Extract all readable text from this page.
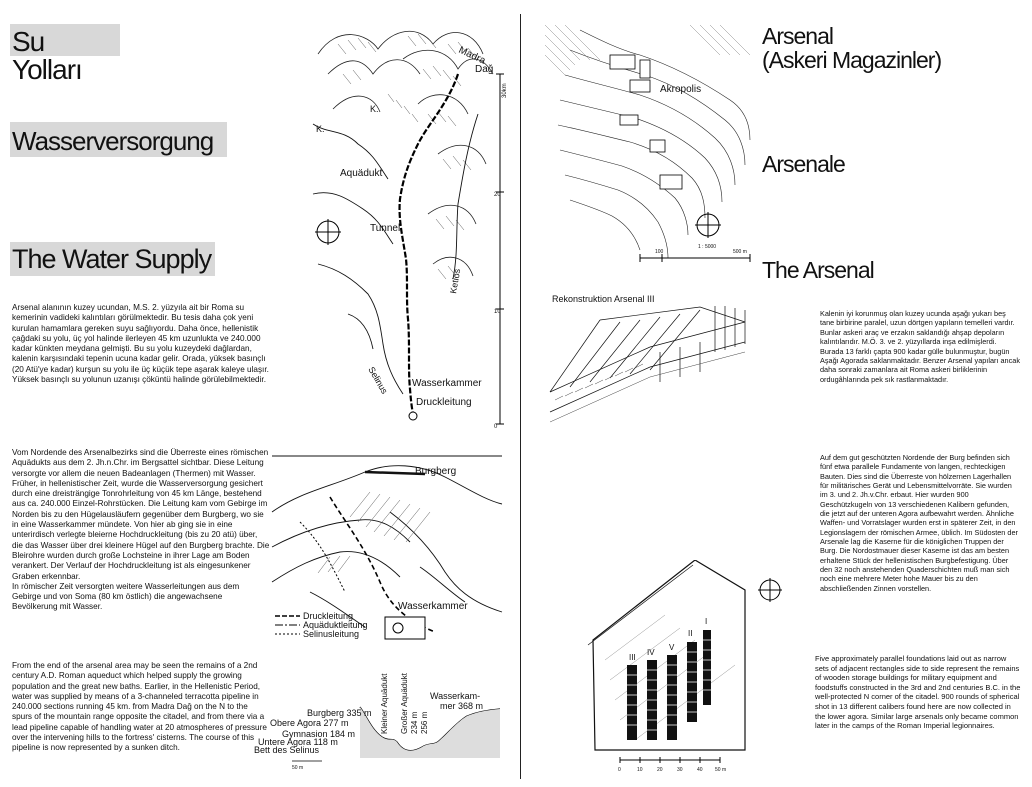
Su Yolları
Wasserversorgung
The Water Supply
Arsenal alanının kuzey ucundan, M.S. 2. yüzyıla ait bir Roma su kemerinin vadideki kalıntıları görülmektedir. Bu tesis daha çok yeni kurulan hamamlara gereken suyu sağlıyordu. Daha önce, hellenistik çağdaki su yolu, üç yol halinde ilerleyen 45 km uzunlukta ve 240.000 kadar künkten meydana gelmişti. Bu su yolu kuzeydeki dağlardan, kalenin karşısındaki tepenin ucuna kadar gelir. Orada, yüksek basınçlı (20 Atü'ye kadar) kurşun su yolu ile üç küçük tepe aşarak kaleye ulaşır. Yüksek basınçlı su yolunun uzanışı çöküntü halinde görülebilmektedir.

Vom Nordende des Arsenalbezirks sind die Überreste eines römischen Aquädukts aus dem 2. Jh.n.Chr. im Bergsattel sichtbar. Diese Leitung versorgte vor allem die neuen Badeanlagen (Thermen) mit Wasser. Früher, in hellenistischer Zeit, wurde die Wasserversorgung gesichert durch eine dreisträngige Tonrohrleitung von 45 km Länge, bestehend aus ca. 240.000 Einzel-Rohrstücken. Die Leitung kam vom Gebirge im Norden bis zu den Hügelausläufern gegenüber dem Burgberg, wo sie in eine Wasserkammer mündete. Von hier ab ging sie in eine unterirdisch verlegte bleierne Hochdruckleitung (bis zu 20 atü) über, die das Wasser über drei kleinere Hügel auf den Burgberg brachte. Die Bleirohre wurden durch große Lochsteine in ihrer Lage am Boden verankert. Der Verlauf der Hochdruckleitung ist als eingesunkener Graben erkennbar.

In römischer Zeit versorgten weitere Wasserleitungen aus dem Gebirge und von Soma (80 km östlich) die angewachsene Bevölkerung mit Wasser.

From the end of the arsenal area may be seen the remains of a 2nd century A.D. Roman aqueduct which helped supply the growing population and the great new baths. Earlier, in the Hellenistic Period, water was supplied by means of a 3-channeled terracotta pipeline in 240.000 sections running 45 km. from Madra Dağ on the N to the spurs of the mountain range opposite the citadel, and from there via a lead pipeline capable of handling water at 20 atmospheres of pressure over the intervening hills to the fortress' cisterns. The course of this pipeline is now represented by a sunken ditch.
30km
20
10
0
Madra
Dağ
K.
K.
Aquädukt
Tunnel
Ketios
Selinus Wasserkammer
Druckleitung
Burgberg
Wasserkammer
Druckleitung
Aquäduktleitung
Selinusleitung
Burgberg 335 m
Obere Agora 277 m
Gymnasion 184 m
Untere Agora 118 m
Bett des Selinus
Kleiner Aquädukt Großer Aquädukt 234 m 256 m
Wasserkam-
mer 368 m
50 m
Akropolis
1 : 5000
100	500 m
Arsenal
(Askeri Magazinler)
Arsenale
The Arsenal
Rekonstruktion Arsenal III
Kalenin iyi korunmuş olan kuzey ucunda aşağı yukarı beş tane birbirine paralel, uzun dörtgen yapıların temelleri vardır. Bunlar askeri araç ve erzakın saklandığı ahşap depoların kalıntılarıdır. M.Ö. 3. ve 2. yüzyıllarda inşa edilmişlerdi. Burada 13 farklı çapta 900 kadar gülle bulunmuştur, bugün Aşağı Agorada saklanmaktadır. Benzer Arsenal yapıları ancak daha sonraki zamanlara ait Roma askeri birliklerinin ordugâhlarında pek sık rastlanmaktadır.
Auf dem gut geschützten Nordende der Burg befinden sich fünf etwa parallele Fundamente von langen, rechteckigen Bauten. Dies sind die Überreste von hölzernen Lagerhallen für militärisches Gerät und Lebensmittelvorräte. Sie wurden im 3. und 2. Jh.v.Chr. erbaut. Hier wurden 900 Geschützkugeln von 13 verschiedenen Kalibern gefunden, die jetzt auf der unteren Agora aufbewahrt werden. Ähnliche Waffen- und Vorratslager wurden erst in späterer Zeit, in den Legionslagern der römischen Armee, üblich. Im Südosten der Arsenale lag die Kaserne für die königlichen Truppen der Burg. Die Nordostmauer dieser Kaserne ist das am besten erhaltene Stück der hellenistischen Burgbefestigung. Über den 32 noch anstehenden Quaderschichten muß man sich noch eine mehrere Meter hohe Mauer bis zu den abschließenden Zinnen vorstellen.
Five approximately parallel foundations laid out as narrow sets of adjacent rectangles side to side represent the remains of wooden storage buildings for military equipment and foodstuffs constructed in the 3rd and 2nd centuries B.C. in the well-protected N corner of the citadel. 900 rounds of spherical shot in 13 different calibers found here are now collected in the lower agora. Similar large arsenals only became common later in the camps of the Roman Imperial legionnaires.
III
IV
V
II
I
0	10	20	30	40 50 m
